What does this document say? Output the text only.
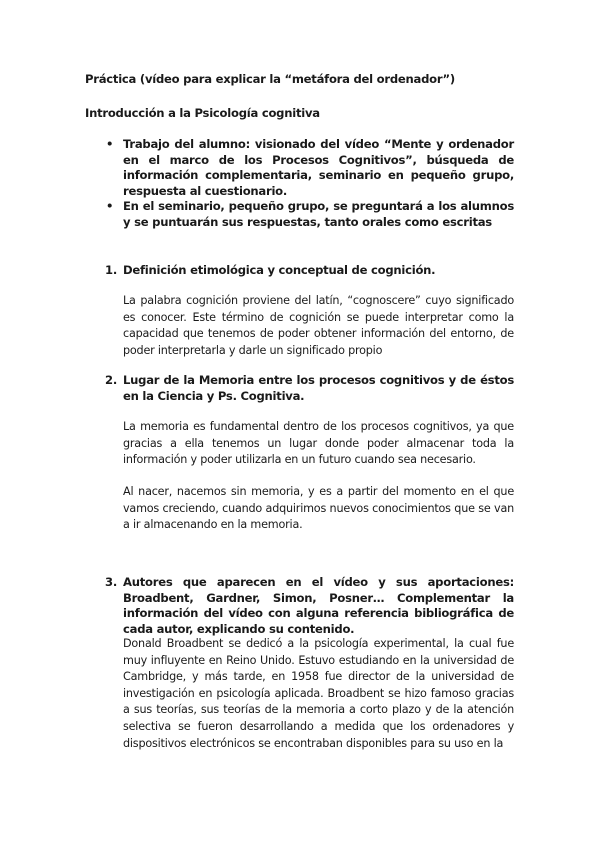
Práctica (vídeo para explicar la “metáfora del ordenador”)
Introducción a la Psicología cognitiva
• Trabajo del alumno: visionado del vídeo “Mente y ordenador en el marco de los Procesos Cognitivos”, búsqueda de información complementaria, seminario en pequeño grupo, respuesta al cuestionario.
• En el seminario, pequeño grupo, se preguntará a los alumnos y se puntuarán sus respuestas, tanto orales como escritas
1. Definición etimológica y conceptual de cognición.
La palabra cognición proviene del latín, “cognoscere” cuyo significado es conocer. Este término de cognición se puede interpretar como la capacidad que tenemos de poder obtener información del entorno, de poder interpretarla y darle un significado propio
2. Lugar de la Memoria entre los procesos cognitivos y de éstos en la Ciencia y Ps. Cognitiva.
La memoria es fundamental dentro de los procesos cognitivos, ya que gracias a ella tenemos un lugar donde poder almacenar toda la información y poder utilizarla en un futuro cuando sea necesario.
Al nacer, nacemos sin memoria, y es a partir del momento en el que vamos creciendo, cuando adquirimos nuevos conocimientos que se van a ir almacenando en la memoria.
3. Autores que aparecen en el vídeo y sus aportaciones: Broadbent, Gardner, Simon, Posner… Complementar la información del vídeo con alguna referencia bibliográfica de cada autor, explicando su contenido.
Donald Broadbent se dedicó a la psicología experimental, la cual fue muy influyente en Reino Unido. Estuvo estudiando en la universidad de Cambridge, y más tarde, en 1958 fue director de la universidad de investigación en psicología aplicada. Broadbent se hizo famoso gracias a sus teorías, sus teorías de la memoria a corto plazo y de la atención selectiva se fueron desarrollando a medida que los ordenadores y dispositivos electrónicos se encontraban disponibles para su uso en la
